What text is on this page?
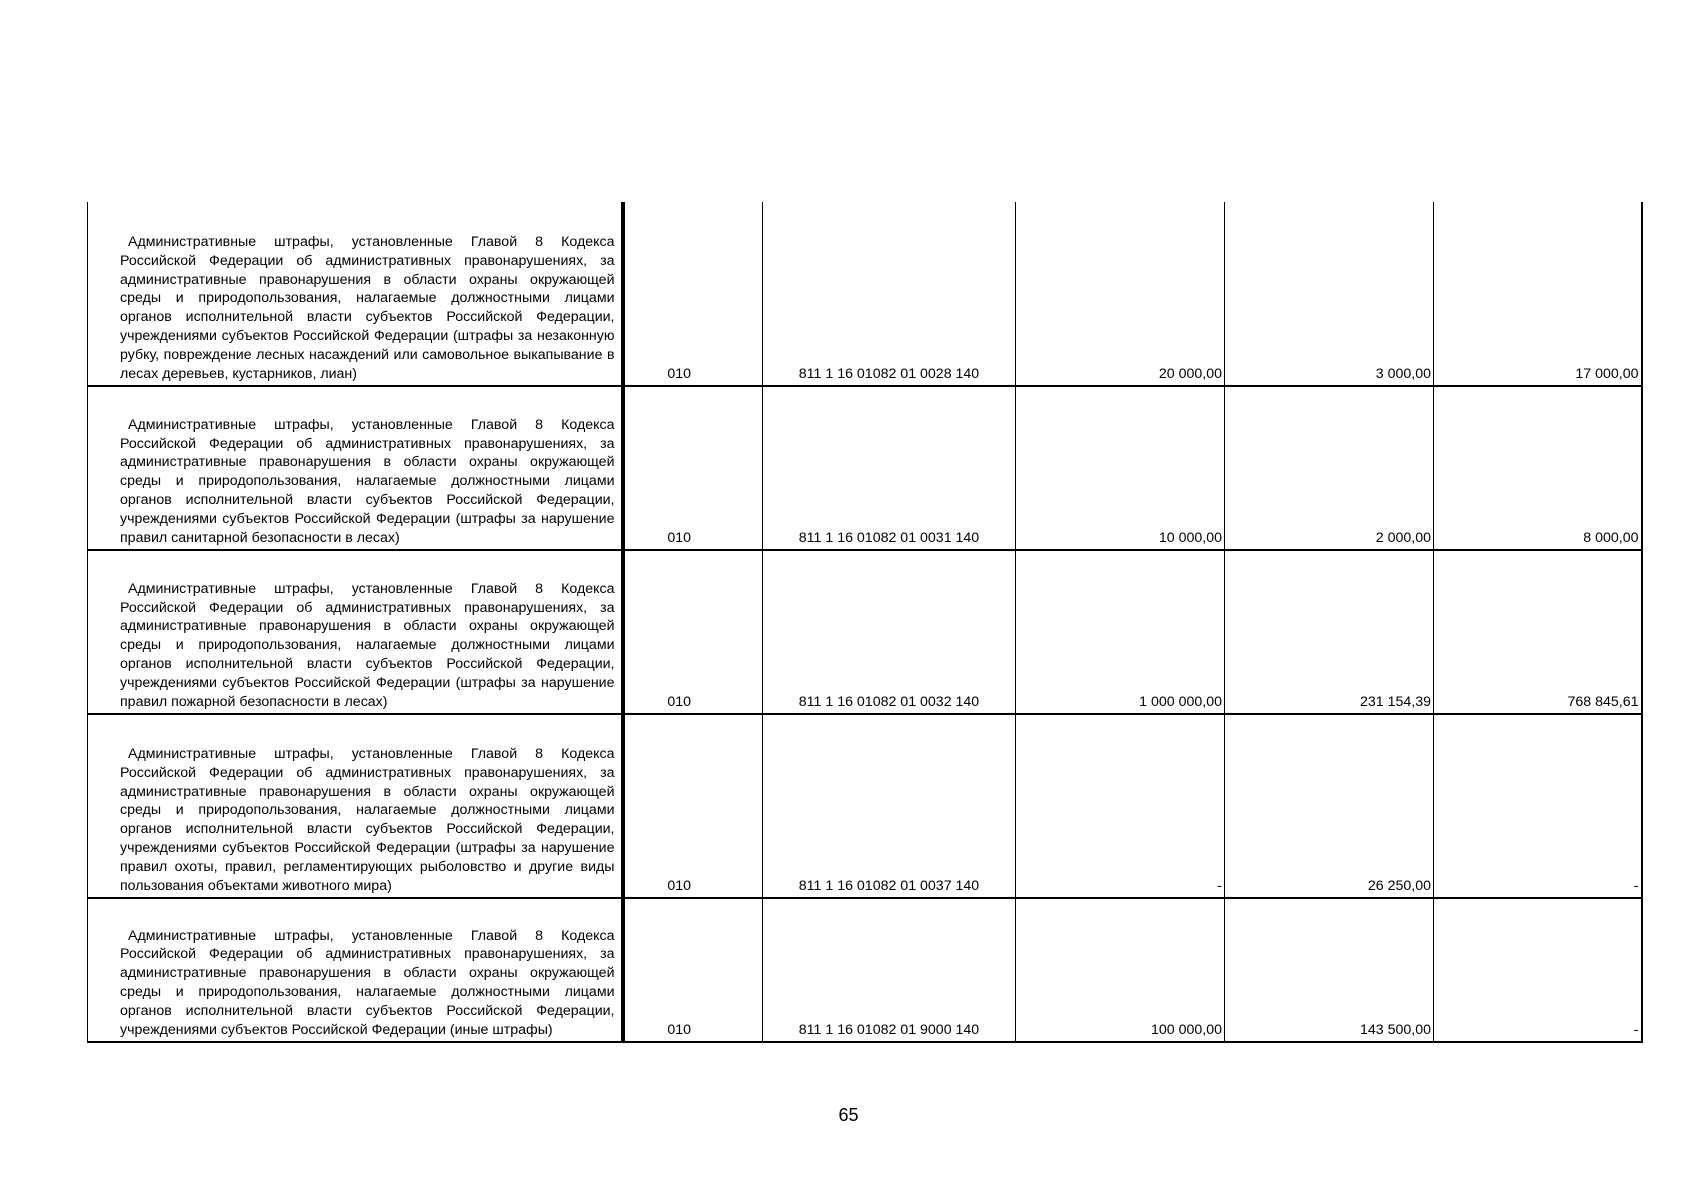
Административные штрафы, установленные Главой 8 Кодекса Российской Федерации об административных правонарушениях, за административные правонарушения в области охраны окружающей среды и природопользования, налагаемые должностными лицами органов исполнительной власти субъектов Российской Федерации, учреждениями субъектов Российской Федерации (штрафы за незаконную рубку, повреждение лесных насаждений или самовольное выкапывание в лесах деревьев, кустарников, лиан)	010	811 1 16 01082 01 0028 140	20 000,00	3 000,00	17 000,00

Административные штрафы, установленные Главой 8 Кодекса Российской Федерации об административных правонарушениях, за административные правонарушения в области охраны окружающей среды и природопользования, налагаемые должностными лицами органов исполнительной власти субъектов Российской Федерации, учреждениями субъектов Российской Федерации (штрафы за нарушение правил санитарной безопасности в лесах)	010	811 1 16 01082 01 0031 140	10 000,00	2 000,00	8 000,00

Административные штрафы, установленные Главой 8 Кодекса Российской Федерации об административных правонарушениях, за административные правонарушения в области охраны окружающей среды и природопользования, налагаемые должностными лицами органов исполнительной власти субъектов Российской Федерации, учреждениями субъектов Российской Федерации (штрафы за нарушение правил пожарной безопасности в лесах)	010	811 1 16 01082 01 0032 140	1 000 000,00	231 154,39	768 845,61

Административные штрафы, установленные Главой 8 Кодекса Российской Федерации об административных правонарушениях, за административные правонарушения в области охраны окружающей среды и природопользования, налагаемые должностными лицами органов исполнительной власти субъектов Российской Федерации, учреждениями субъектов Российской Федерации (штрафы за нарушение правил охоты, правил, регламентирующих рыболовство и другие виды пользования объектами животного мира)	010	811 1 16 01082 01 0037 140	-	26 250,00	-

Административные штрафы, установленные Главой 8 Кодекса Российской Федерации об административных правонарушениях, за административные правонарушения в области охраны окружающей среды и природопользования, налагаемые должностными лицами органов исполнительной власти субъектов Российской Федерации, учреждениями субъектов Российской Федерации (иные штрафы)	010	811 1 16 01082 01 9000 140	100 000,00	143 500,00	-
65
